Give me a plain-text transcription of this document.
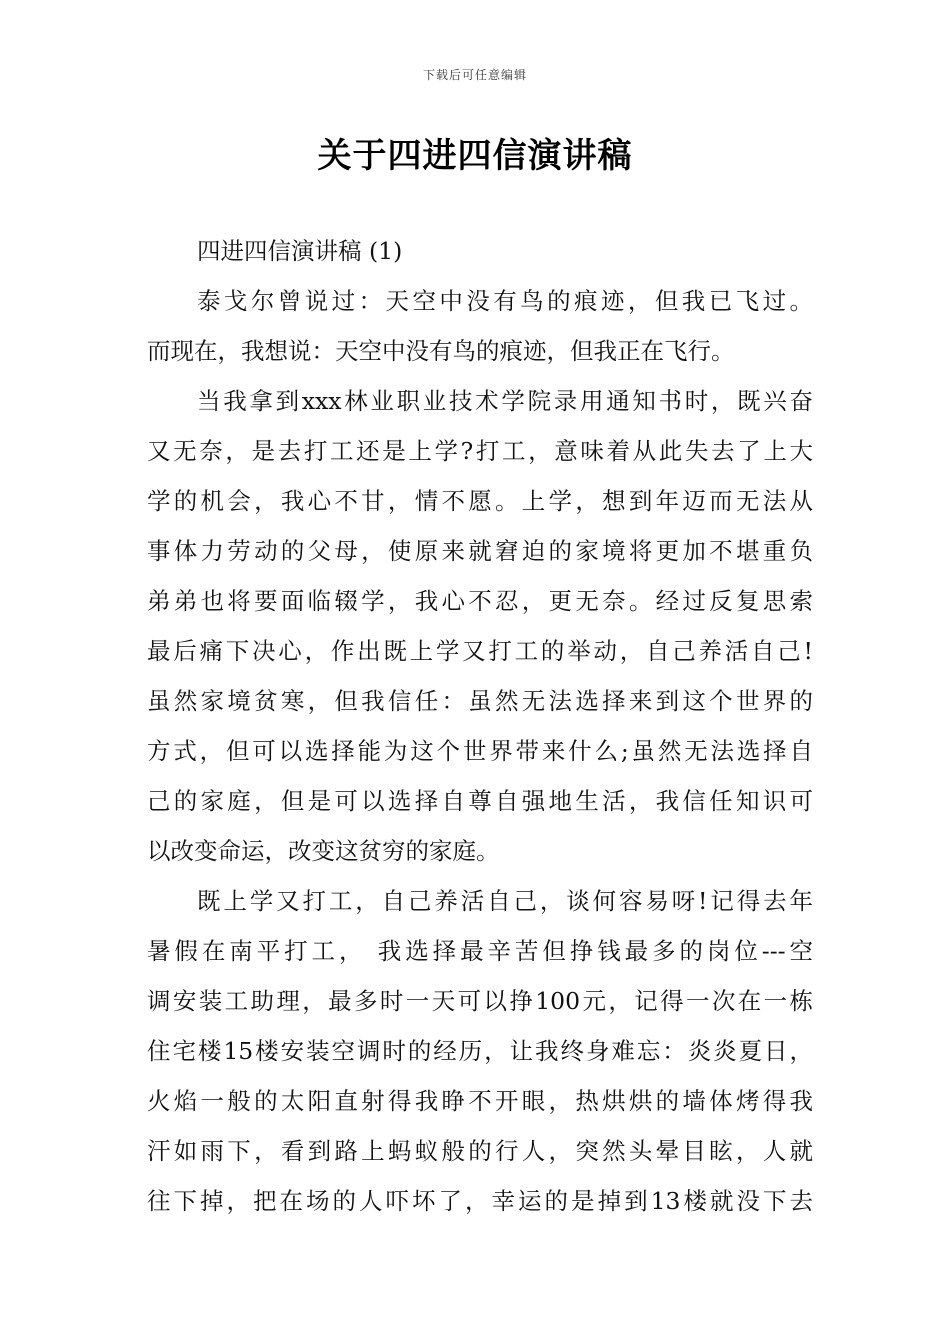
下载后可任意编辑
关于四进四信演讲稿
四进四信演讲稿 (1)
泰戈尔曾说过：天空中没有鸟的痕迹，但我已飞过。
而现在，我想说：天空中没有鸟的痕迹，但我正在飞行。
当我拿到xxx林业职业技术学院录用通知书时，既兴奋
又无奈，是去打工还是上学?打工，意味着从此失去了上大
学的机会，我心不甘，情不愿。上学，想到年迈而无法从
事体力劳动的父母，使原来就窘迫的家境将更加不堪重负
弟弟也将要面临辍学，我心不忍，更无奈。经过反复思索
最后痛下决心，作出既上学又打工的举动，自己养活自己!
虽然家境贫寒，但我信任：虽然无法选择来到这个世界的
方式，但可以选择能为这个世界带来什么;虽然无法选择自
己的家庭，但是可以选择自尊自强地生活，我信任知识可
以改变命运，改变这贫穷的家庭。
既上学又打工，自己养活自己，谈何容易呀!记得去年
暑假在南平打工， 我选择最辛苦但挣钱最多的岗位---空
调安装工助理，最多时一天可以挣100元，记得一次在一栋
住宅楼15楼安装空调时的经历，让我终身难忘：炎炎夏日，
火焰一般的太阳直射得我睁不开眼，热烘烘的墙体烤得我
汗如雨下，看到路上蚂蚁般的行人，突然头晕目眩，人就
往下掉，把在场的人吓坏了，幸运的是掉到13楼就没下去
